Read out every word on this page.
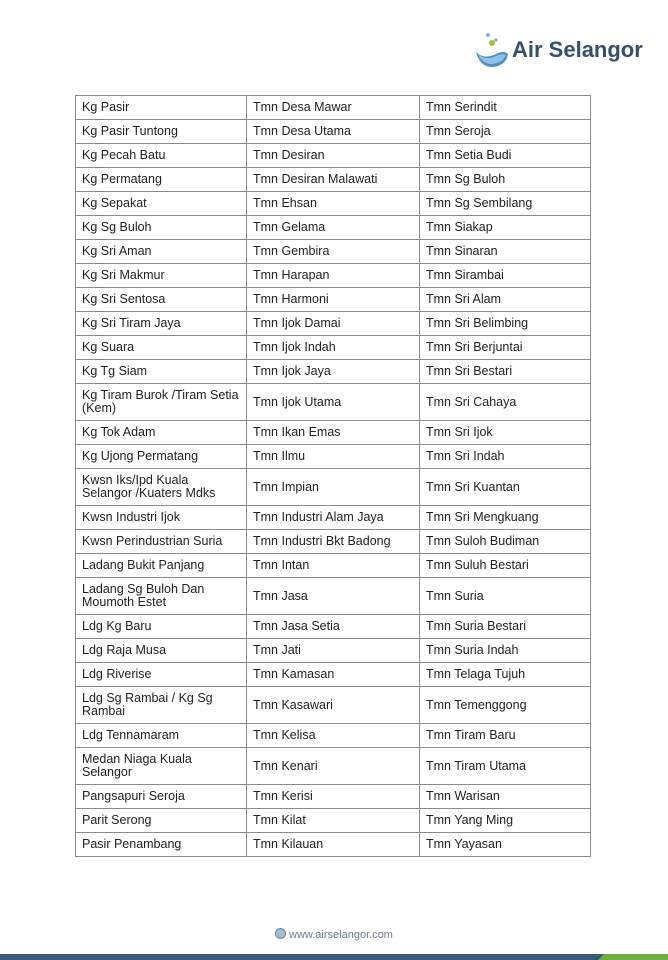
Air Selangor
Kg Pasir	Tmn Desa Mawar	Tmn Serindit
Kg Pasir Tuntong	Tmn Desa Utama	Tmn Seroja
Kg Pecah Batu	Tmn Desiran	Tmn Setia Budi
Kg Permatang	Tmn Desiran Malawati	Tmn Sg Buloh
Kg Sepakat	Tmn Ehsan	Tmn Sg Sembilang
Kg Sg Buloh	Tmn Gelama	Tmn Siakap
Kg Sri Aman	Tmn Gembira	Tmn Sinaran
Kg Sri Makmur	Tmn Harapan	Tmn Sirambai
Kg Sri Sentosa	Tmn Harmoni	Tmn Sri Alam
Kg Sri Tiram Jaya	Tmn Ijok Damai	Tmn Sri Belimbing
Kg Suara	Tmn Ijok Indah	Tmn Sri Berjuntai
Kg Tg Siam	Tmn Ijok Jaya	Tmn Sri Bestari
Kg Tiram Burok /Tiram Setia (Kem)	Tmn Ijok Utama	Tmn Sri Cahaya
Kg Tok Adam	Tmn Ikan Emas	Tmn Sri Ijok
Kg Ujong Permatang	Tmn Ilmu	Tmn Sri Indah
Kwsn Iks/Ipd Kuala Selangor /Kuaters Mdks	Tmn Impian	Tmn Sri Kuantan
Kwsn Industri Ijok	Tmn Industri Alam Jaya	Tmn Sri Mengkuang
Kwsn Perindustrian Suria	Tmn Industri Bkt Badong	Tmn Suloh Budiman
Ladang Bukit Panjang	Tmn Intan	Tmn Suluh Bestari
Ladang Sg Buloh Dan Moumoth Estet	Tmn Jasa	Tmn Suria
Ldg Kg Baru	Tmn Jasa Setia	Tmn Suria Bestari
Ldg Raja Musa	Tmn Jati	Tmn Suria Indah
Ldg Riverise	Tmn Kamasan	Tmn Telaga Tujuh
Ldg Sg Rambai / Kg Sg Rambai	Tmn Kasawari	Tmn Temenggong
Ldg Tennamaram	Tmn Kelisa	Tmn Tiram Baru
Medan Niaga Kuala Selangor	Tmn Kenari	Tmn Tiram Utama
Pangsapuri Seroja	Tmn Kerisi	Tmn Warisan
Parit Serong	Tmn Kilat	Tmn Yang Ming
Pasir Penambang	Tmn Kilauan	Tmn Yayasan
www.airselangor.com
